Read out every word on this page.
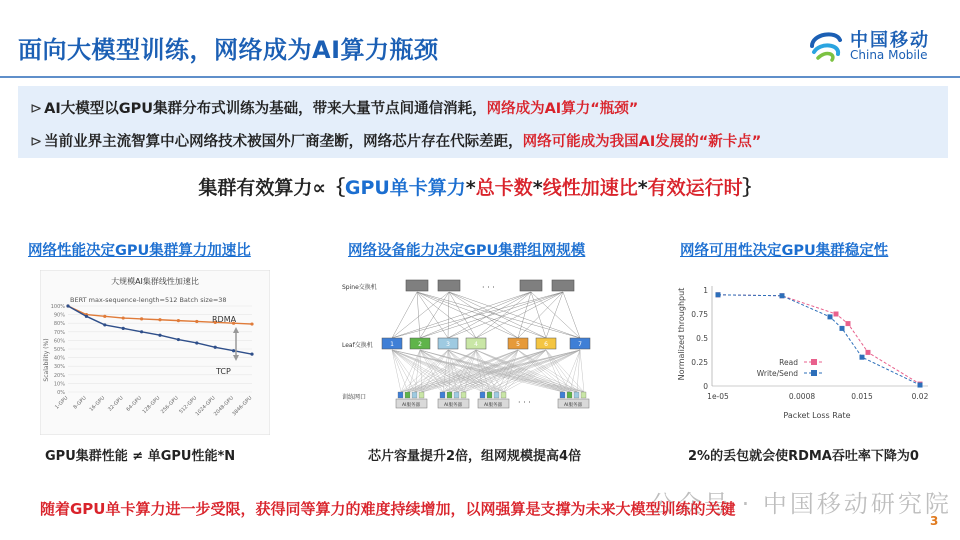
面向大模型训练，网络成为AI算力瓶颈	中国移动
China Mobile
⊳ AI大模型以GPU集群分布式训练为基础，带来大量节点间通信消耗，网络成为AI算力“瓶颈”
⊳ 当前业界主流智算中心网络技术被国外厂商垄断，网络芯片存在代际差距，网络可能成为我国AI发展的“新卡点”
集群有效算力∝｛GPU单卡算力*总卡数*线性加速比*有效运行时｝
网络性能决定GPU集群算力加速比	网络设备能力决定GPU集群组网规模	网络可用性决定GPU集群稳定性
大规模AI集群线性加速比
BERT max-sequence-length=512 Batch size=38
0%
10%
20%
30%
40%
50%
60%
70%
80%
90%
100%
1-GPU 8-GPU 16-GPU 32-GPU 64-GPU
128-GPU
256-GPU
512-GPU
1024-GPU
2048-GPU
3846-GPU
Scalability (%)
RDMA
TCP
1	2	3	4	5	6	7
AI服务器	AI服务器	AI服务器	AI服务器
Spine交换机
Leaf交换机
训练网口
· · ·
· · ·
0
0.25
0.5
0.75
1
1e-05	0.0008	0.015	0.02
Normalized throughput
Packet Loss Rate
Read
Write/Send
GPU集群性能 ≠ 单GPU性能*N	芯片容量提升2倍，组网规模提高4倍	2%的丢包就会使RDMA吞吐率下降为0
公众号 · 中国移动研究院
随着GPU单卡算力进一步受限，获得同等算力的难度持续增加，以网强算是支撑为未来大模型训练的关键
3
